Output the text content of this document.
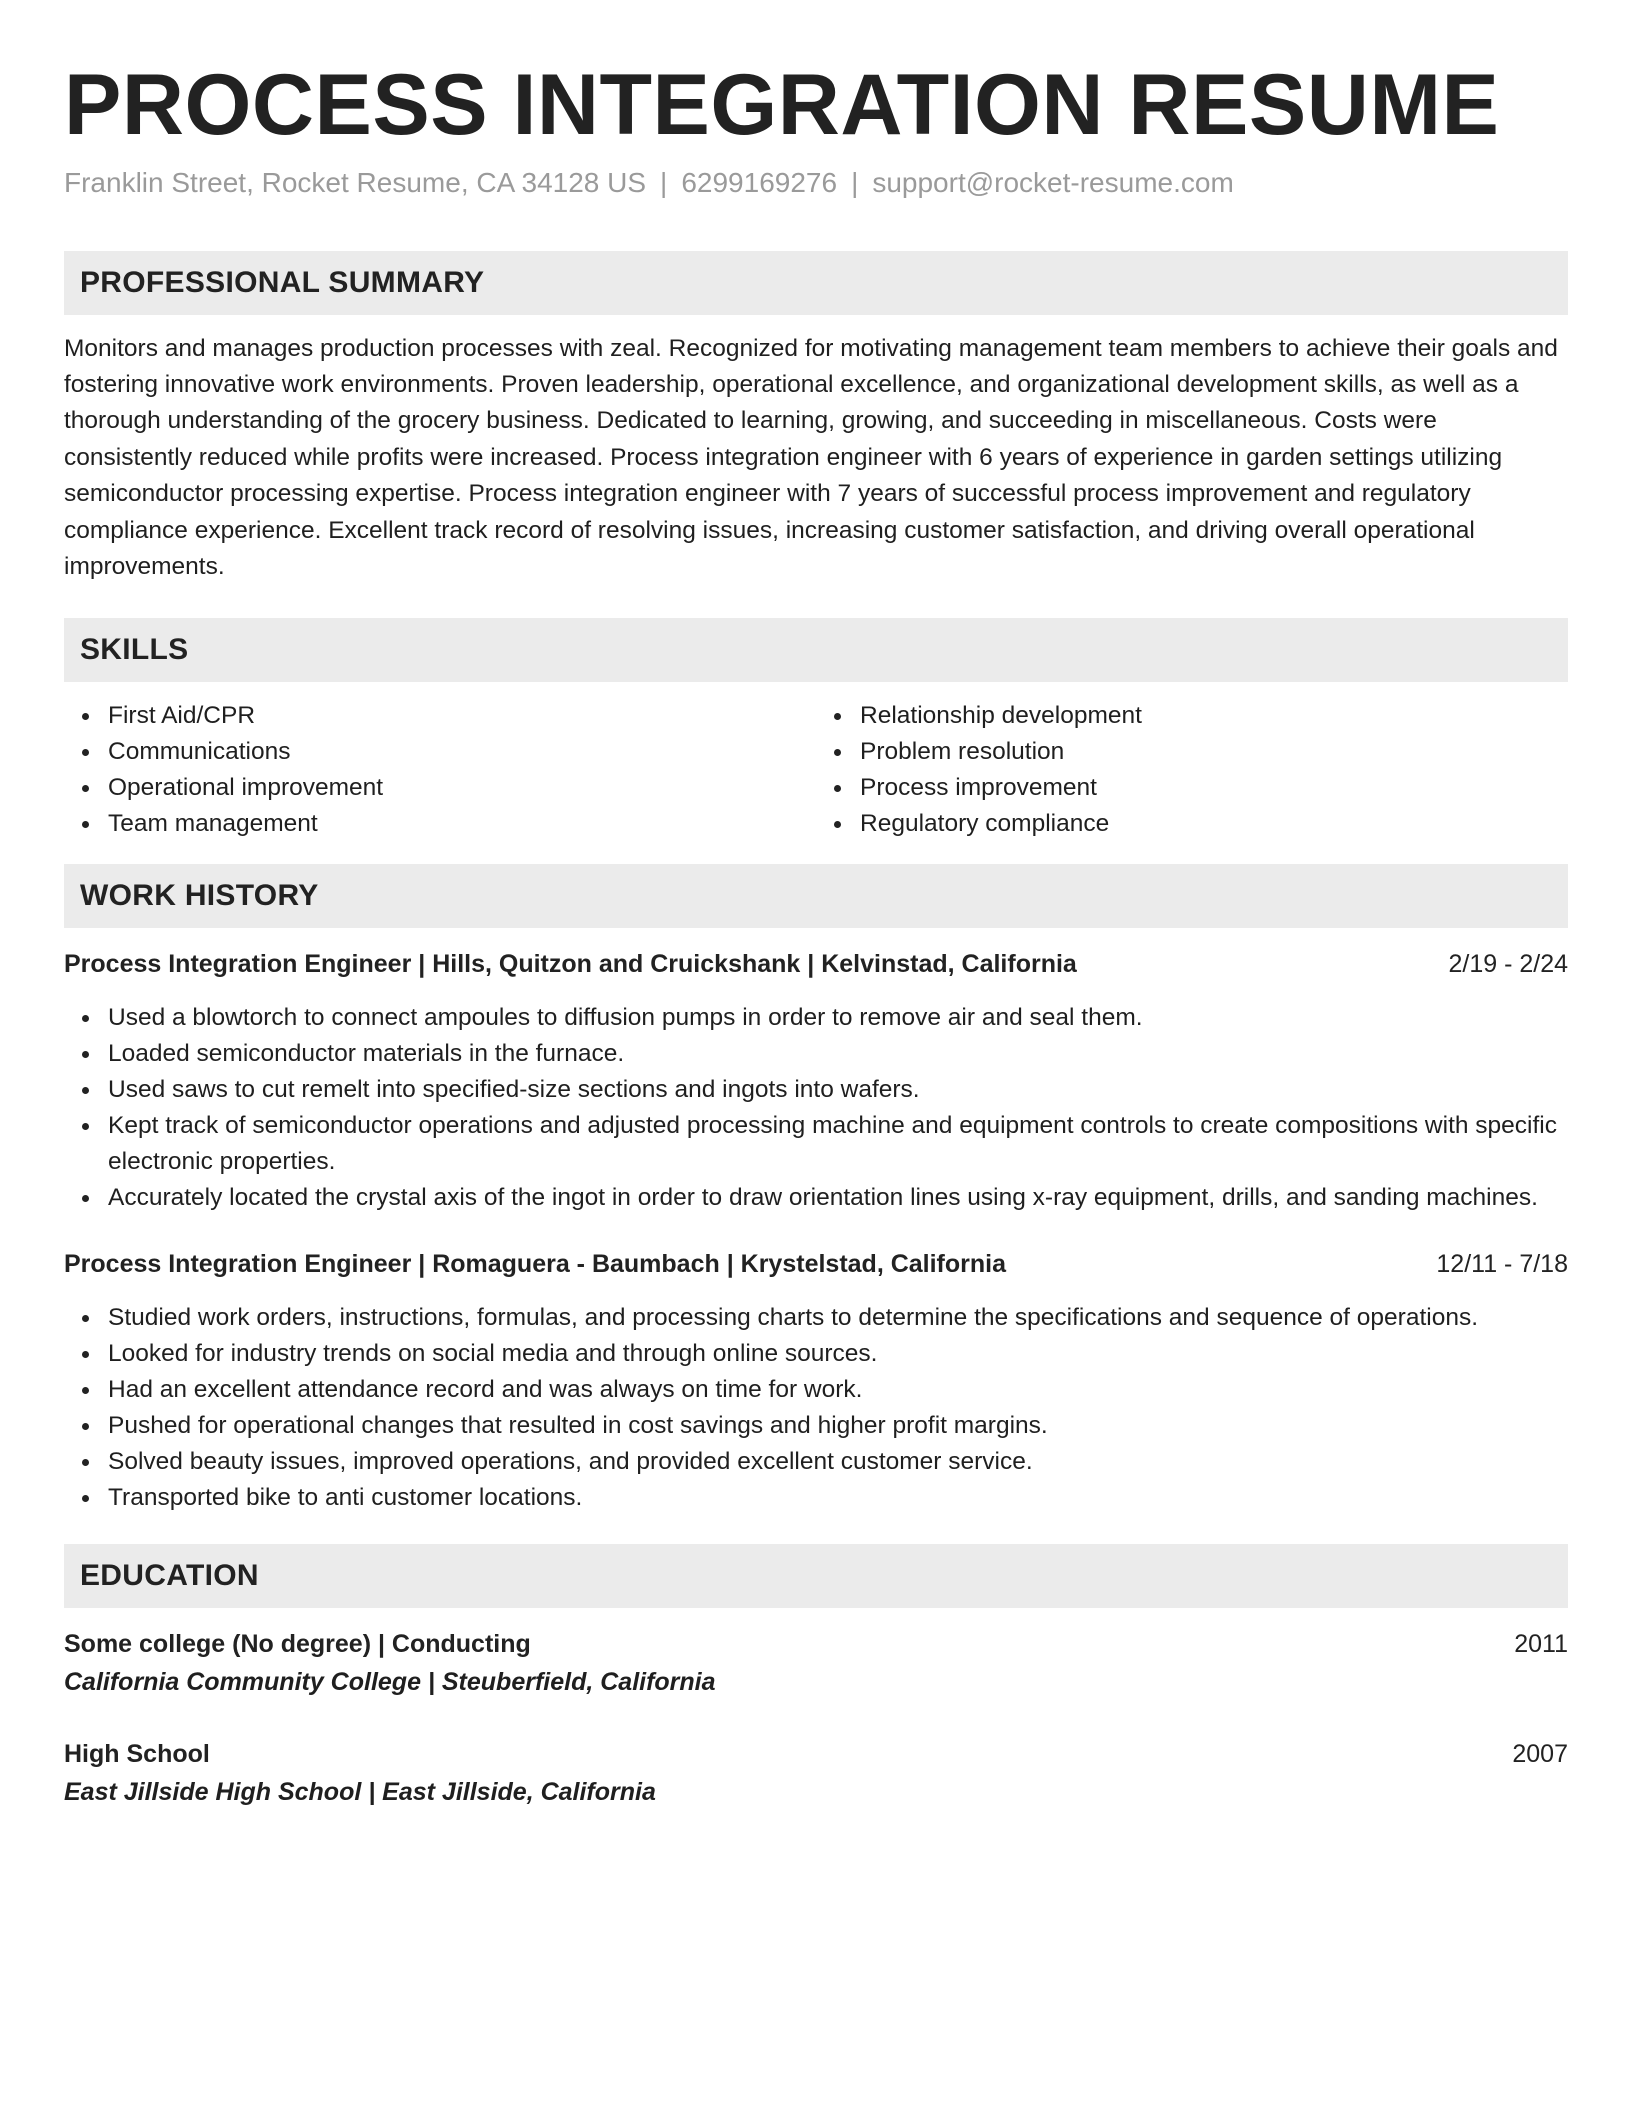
PROCESS INTEGRATION RESUME
Franklin Street, Rocket Resume, CA 34128 US | 6299169276 | support@rocket-resume.com
PROFESSIONAL SUMMARY

Monitors and manages production processes with zeal. Recognized for motivating management team members to achieve their goals and fostering innovative work environments. Proven leadership, operational excellence, and organizational development skills, as well as a thorough understanding of the grocery business. Dedicated to learning, growing, and succeeding in miscellaneous. Costs were consistently reduced while profits were increased. Process integration engineer with 6 years of experience in garden settings utilizing semiconductor processing expertise. Process integration engineer with 7 years of successful process improvement and regulatory compliance experience. Excellent track record of resolving issues, increasing customer satisfaction, and driving overall operational improvements.

SKILLS
First Aid/CPR
Communications
Operational improvement
Team management
Relationship development
Problem resolution
Process improvement
Regulatory compliance
WORK HISTORY
Process Integration Engineer | Hills, Quitzon and Cruickshank | Kelvinstad, California	2/19 - 2/24
Used a blowtorch to connect ampoules to diffusion pumps in order to remove air and seal them.
Loaded semiconductor materials in the furnace.
Used saws to cut remelt into specified-size sections and ingots into wafers.
Kept track of semiconductor operations and adjusted processing machine and equipment controls to create compositions with specific electronic properties.
Accurately located the crystal axis of the ingot in order to draw orientation lines using x-ray equipment, drills, and sanding machines.
Process Integration Engineer | Romaguera - Baumbach | Krystelstad, California	12/11 - 7/18
Studied work orders, instructions, formulas, and processing charts to determine the specifications and sequence of operations.
Looked for industry trends on social media and through online sources.
Had an excellent attendance record and was always on time for work.
Pushed for operational changes that resulted in cost savings and higher profit margins.
Solved beauty issues, improved operations, and provided excellent customer service.
Transported bike to anti customer locations.
EDUCATION
Some college (No degree) | Conducting	2011
California Community College | Steuberfield, California
High School	2007
East Jillside High School | East Jillside, California
